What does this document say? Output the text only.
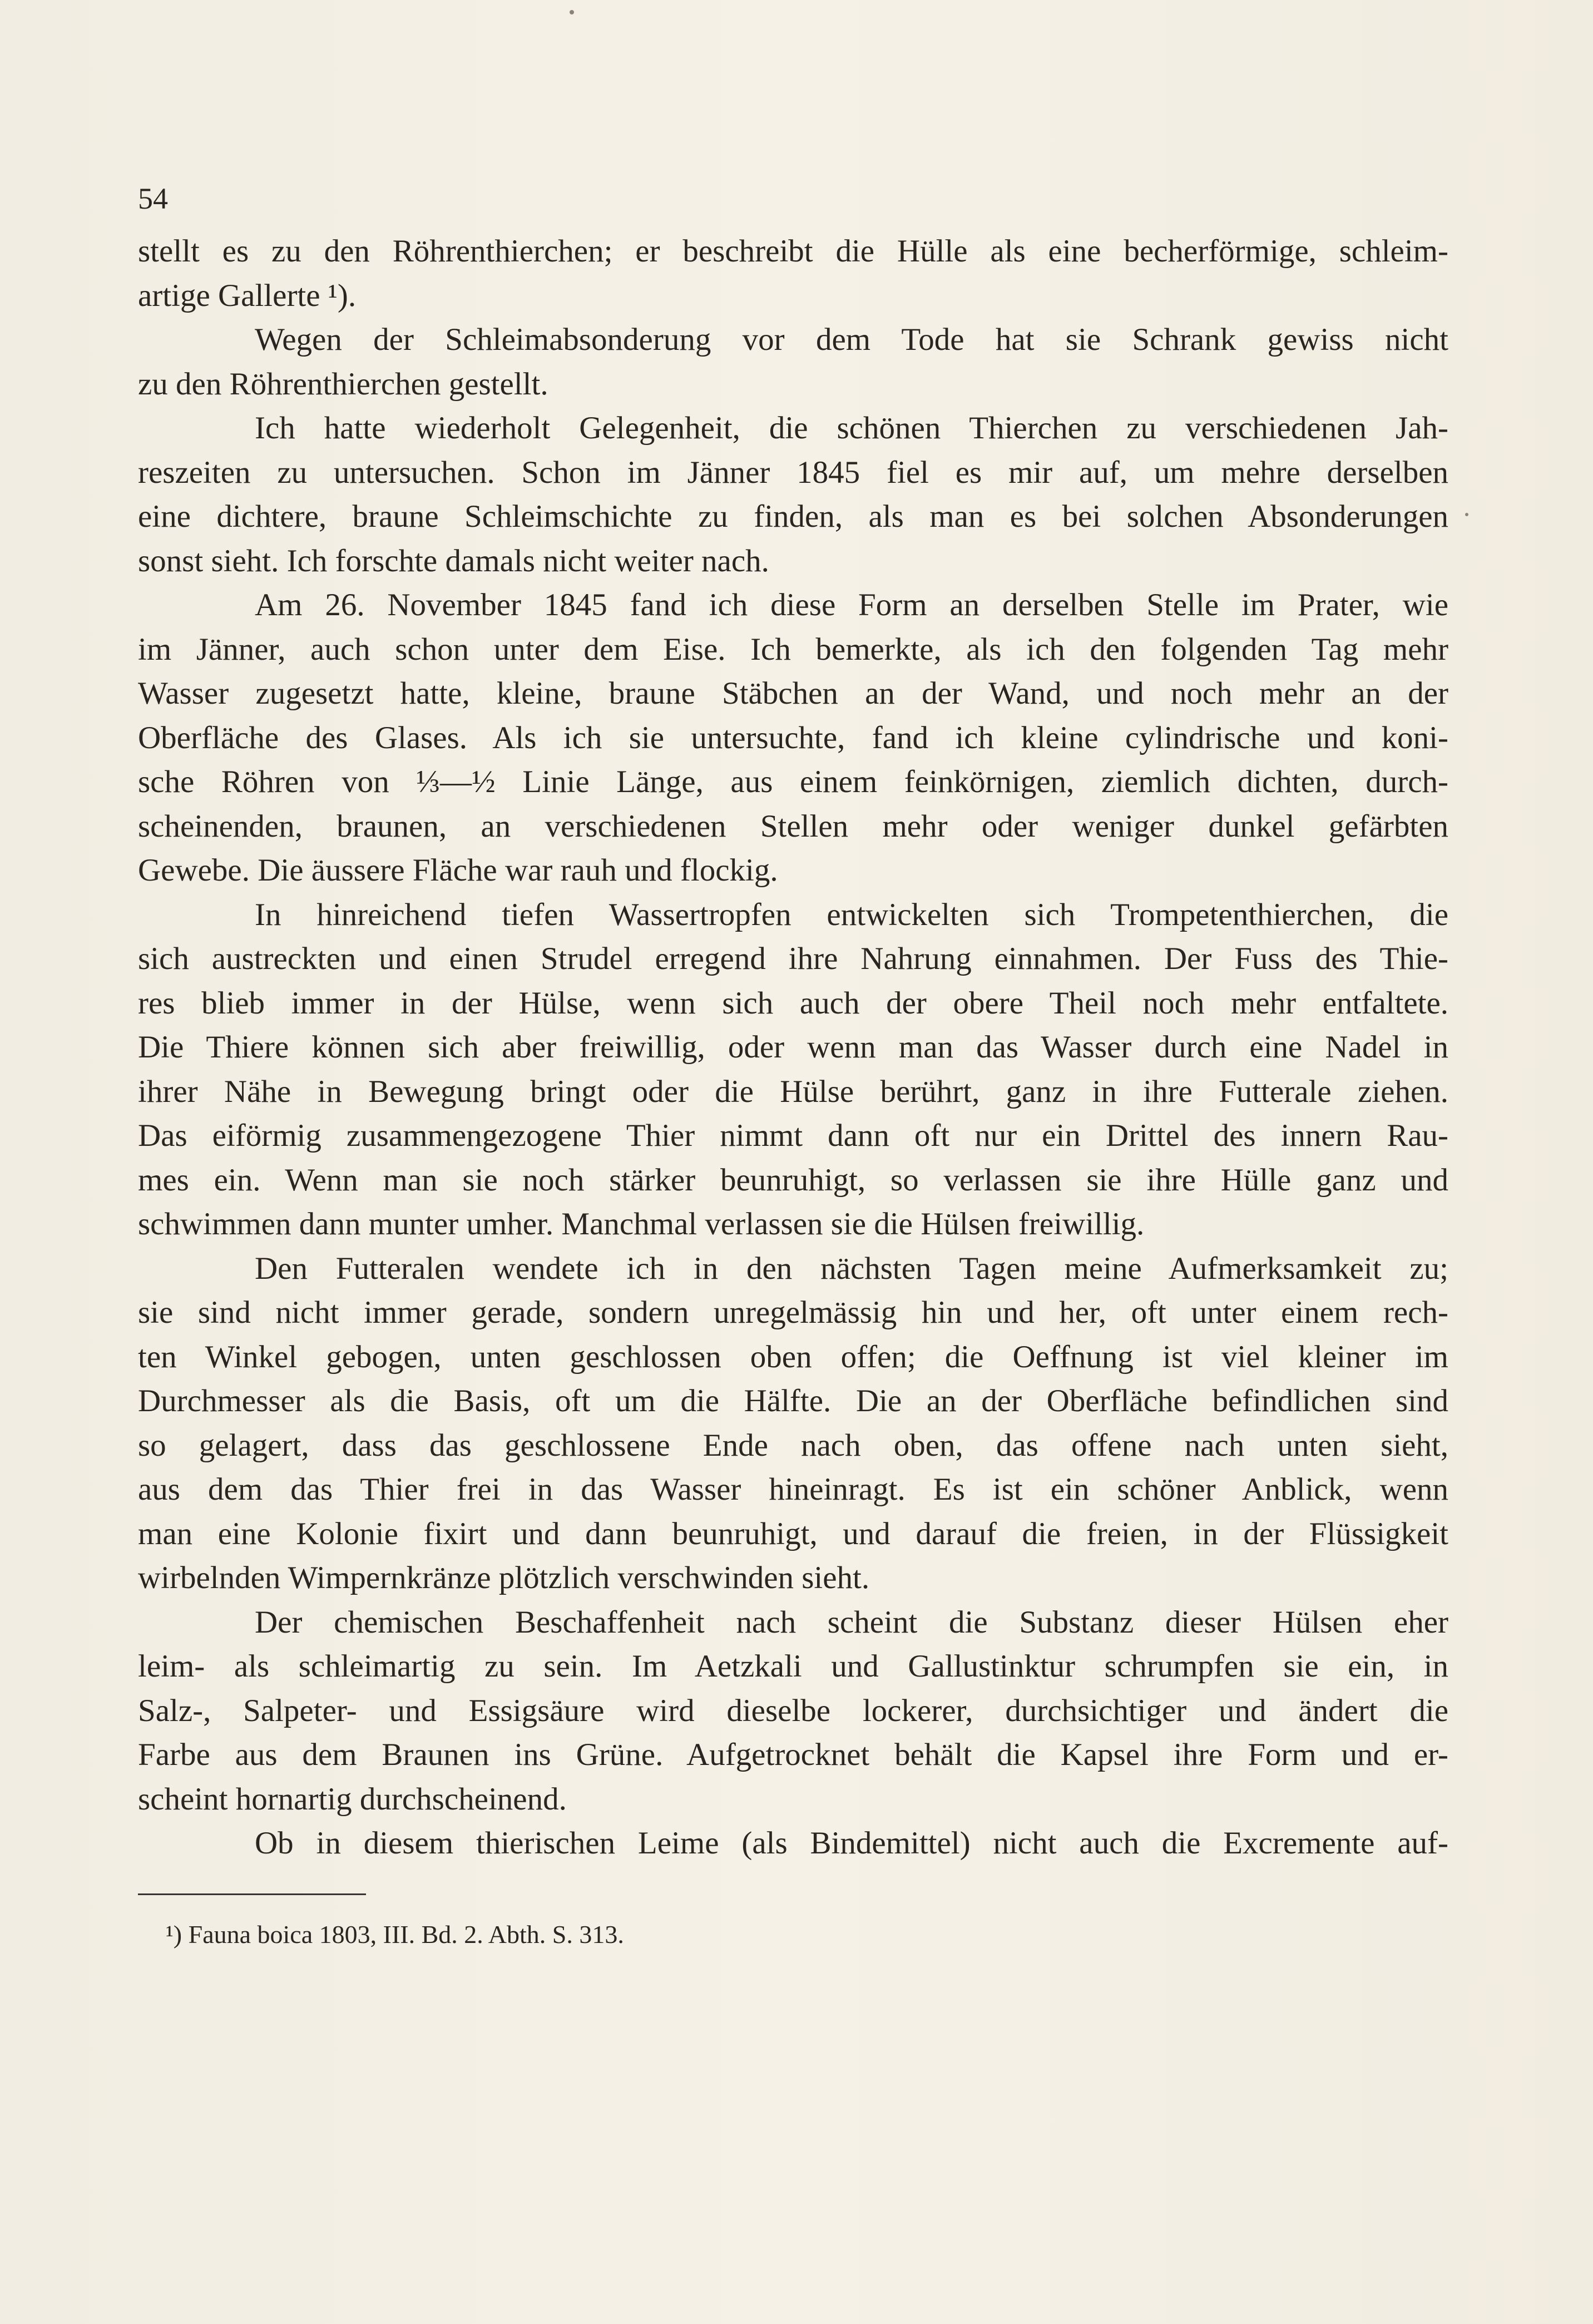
54
stellt es zu den Röhrenthierchen; er beschreibt die Hülle als eine becherförmige, schleim-
artige Gallerte ¹).
Wegen der Schleimabsonderung vor dem Tode hat sie Schrank gewiss nicht
zu den Röhrenthierchen gestellt.
Ich hatte wiederholt Gelegenheit, die schönen Thierchen zu verschiedenen Jah-
reszeiten zu untersuchen. Schon im Jänner 1845 fiel es mir auf, um mehre derselben
eine dichtere, braune Schleimschichte zu finden, als man es bei solchen Absonderungen
sonst sieht. Ich forschte damals nicht weiter nach.
Am 26. November 1845 fand ich diese Form an derselben Stelle im Prater, wie
im Jänner, auch schon unter dem Eise. Ich bemerkte, als ich den folgenden Tag mehr
Wasser zugesetzt hatte, kleine, braune Stäbchen an der Wand, und noch mehr an der
Oberfläche des Glases. Als ich sie untersuchte, fand ich kleine cylindrische und koni-
sche Röhren von ⅓—½ Linie Länge, aus einem feinkörnigen, ziemlich dichten, durch-
scheinenden, braunen, an verschiedenen Stellen mehr oder weniger dunkel gefärbten
Gewebe. Die äussere Fläche war rauh und flockig.
In hinreichend tiefen Wassertropfen entwickelten sich Trompetenthierchen, die
sich austreckten und einen Strudel erregend ihre Nahrung einnahmen. Der Fuss des Thie-
res blieb immer in der Hülse, wenn sich auch der obere Theil noch mehr entfaltete.
Die Thiere können sich aber freiwillig, oder wenn man das Wasser durch eine Nadel in
ihrer Nähe in Bewegung bringt oder die Hülse berührt, ganz in ihre Futterale ziehen.
Das eiförmig zusammengezogene Thier nimmt dann oft nur ein Drittel des innern Rau-
mes ein. Wenn man sie noch stärker beunruhigt, so verlassen sie ihre Hülle ganz und
schwimmen dann munter umher. Manchmal verlassen sie die Hülsen freiwillig.
Den Futteralen wendete ich in den nächsten Tagen meine Aufmerksamkeit zu;
sie sind nicht immer gerade, sondern unregelmässig hin und her, oft unter einem rech-
ten Winkel gebogen, unten geschlossen oben offen; die Oeffnung ist viel kleiner im
Durchmesser als die Basis, oft um die Hälfte. Die an der Oberfläche befindlichen sind
so gelagert, dass das geschlossene Ende nach oben, das offene nach unten sieht,
aus dem das Thier frei in das Wasser hineinragt. Es ist ein schöner Anblick, wenn
man eine Kolonie fixirt und dann beunruhigt, und darauf die freien, in der Flüssigkeit
wirbelnden Wimpernkränze plötzlich verschwinden sieht.
Der chemischen Beschaffenheit nach scheint die Substanz dieser Hülsen eher
leim- als schleimartig zu sein. Im Aetzkali und Gallustinktur schrumpfen sie ein, in
Salz-, Salpeter- und Essigsäure wird dieselbe lockerer, durchsichtiger und ändert die
Farbe aus dem Braunen ins Grüne. Aufgetrocknet behält die Kapsel ihre Form und er-
scheint hornartig durchscheinend.
Ob in diesem thierischen Leime (als Bindemittel) nicht auch die Excremente auf-
¹) Fauna boica 1803, III. Bd. 2. Abth. S. 313.
